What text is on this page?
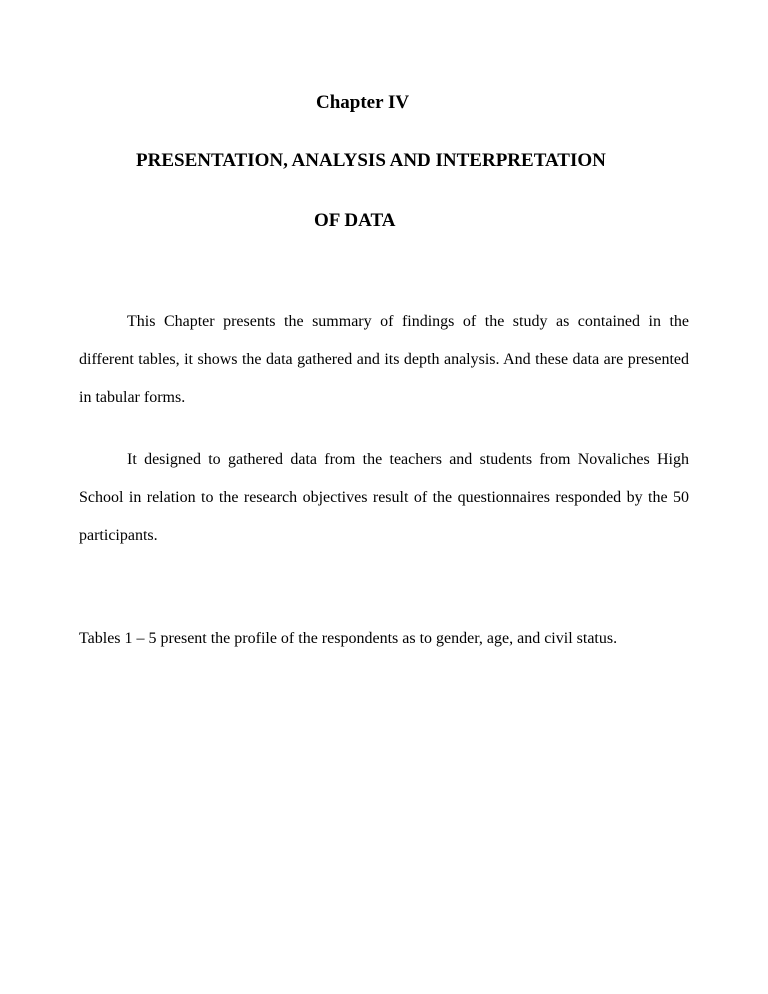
Chapter IV
PRESENTATION, ANALYSIS AND INTERPRETATION
OF DATA
This Chapter presents the summary of findings of the study as contained in the different tables, it shows the data gathered and its depth analysis. And these data are presented in tabular forms.
It designed to gathered data from the teachers and students from Novaliches High School in relation to the research objectives result of the questionnaires responded by the 50 participants.
Tables 1 – 5 present the profile of the respondents as to gender, age, and civil status.
